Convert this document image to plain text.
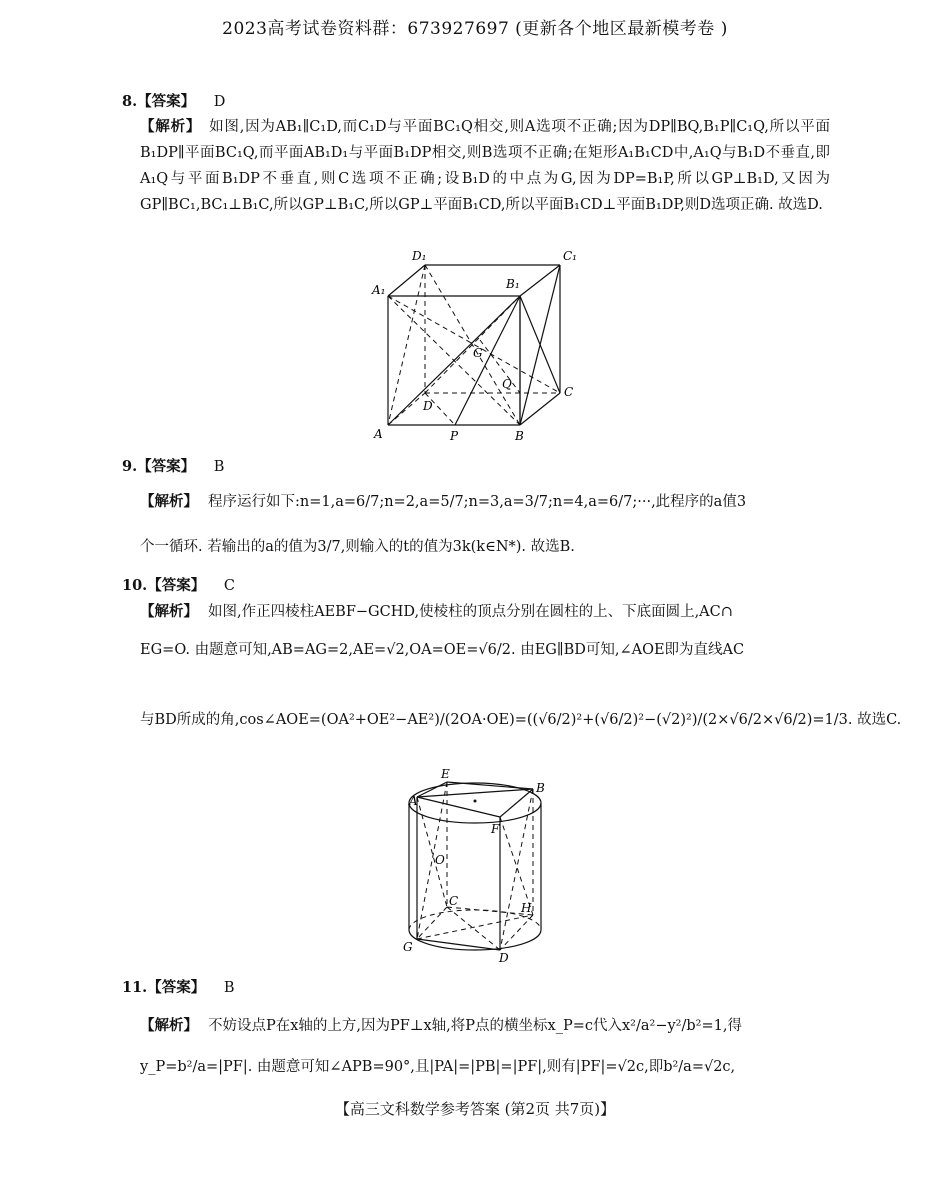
2023高考试卷资料群：673927697 (更新各个地区最新模考卷 )
8.【答案】 D
【解析】 如图,因为AB₁∥C₁D,而C₁D与平面BC₁Q相交,则A选项不正确;因为DP∥BQ,B₁P∥C₁Q,所以平面B₁DP∥平面BC₁Q,而平面AB₁D₁与平面B₁DP相交,则B选项不正确;在矩形A₁B₁CD中,A₁Q与B₁D不垂直,即A₁Q与平面B₁DP不垂直,则C选项不正确;设B₁D的中点为G,因为DP=B₁P,所以GP⊥B₁D,又因为GP∥BC₁,BC₁⊥B₁C,所以GP⊥B₁C,所以GP⊥平面B₁CD,所以平面B₁CD⊥平面B₁DP,则D选项正确. 故选D.
D₁	C₁
A₁	B₁
G
Q
D
C
A	P	B
9.【答案】 B
【解析】 程序运行如下:n=1,a=6/7;n=2,a=5/7;n=3,a=3/7;n=4,a=6/7;···,此程序的a值3
个一循环. 若输出的a的值为3/7,则输入的t的值为3k(k∈N*). 故选B.
10.【答案】 C
【解析】 如图,作正四棱柱AEBF−GCHD,使棱柱的顶点分别在圆柱的上、下底面圆上,AC∩
EG=O. 由题意可知,AB=AG=2,AE=√2,OA=OE=√6/2. 由EG∥BD可知,∠AOE即为直线AC
与BD所成的角,cos∠AOE=(OA²+OE²−AE²)/(2OA·OE)=((√6/2)²+(√6/2)²−(√2)²)/(2×√6/2×√6/2)=1/3. 故选C.
E
B
A
F
O
C	H
G
D
11.【答案】 B
【解析】 不妨设点P在x轴的上方,因为PF⊥x轴,将P点的横坐标x_P=c代入x²/a²−y²/b²=1,得
y_P=b²/a=|PF|. 由题意可知∠APB=90°,且|PA|=|PB|=|PF|,则有|PF|=√2c,即b²/a=√2c,
【高三文科数学参考答案 (第2页 共7页)】
